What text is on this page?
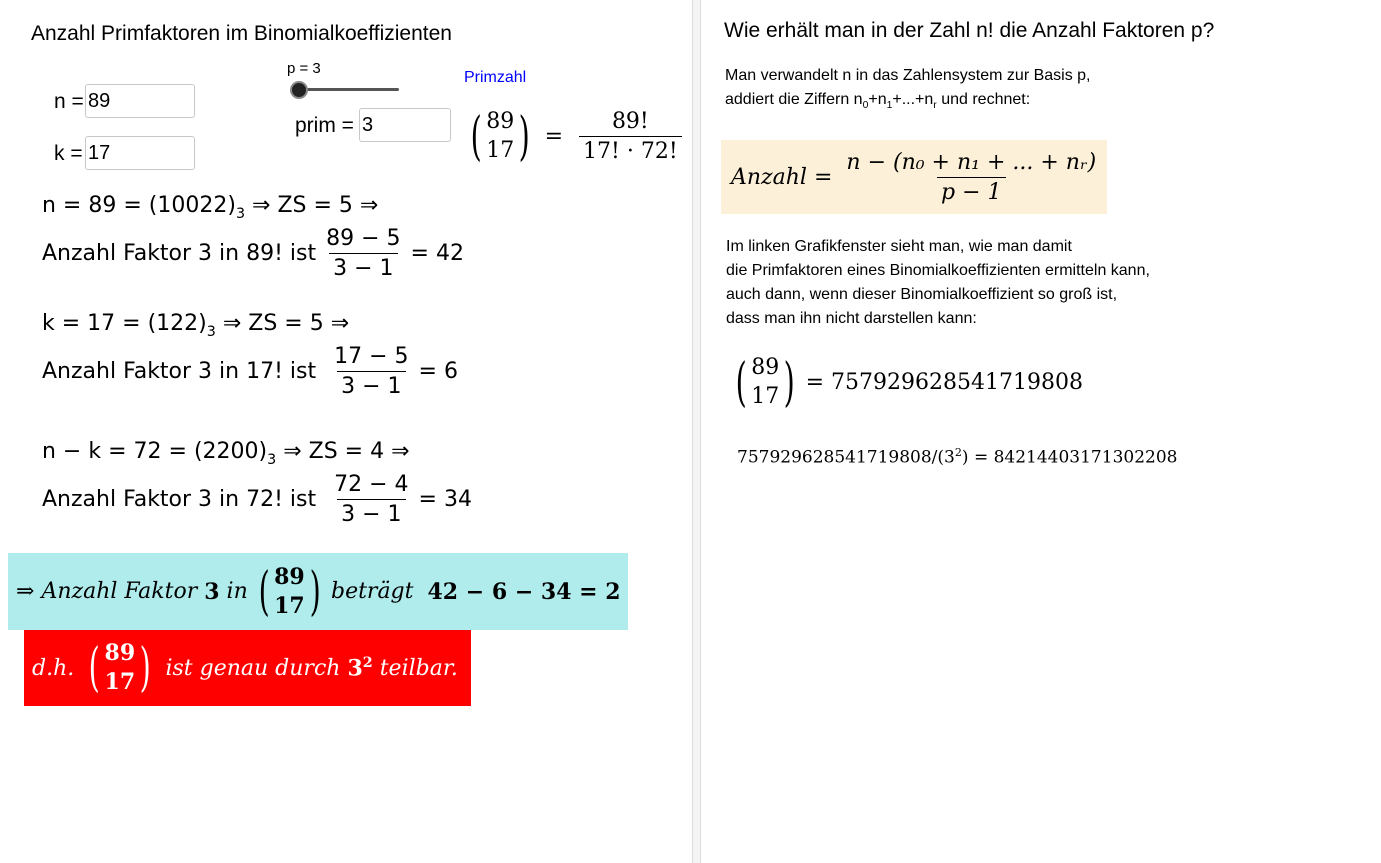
Anzahl Primfaktoren im Binomialkoeffizienten
n = 89
k = 17
p = 3
Primzahl
prim = 3	( 89
17 ) = $\frac{89!}{17! \cdot 72!}$
$n = 89 = (10022)_3$
⇒ ZS = 5 ⇒
Anzahl Faktor 3 in 89! ist $\frac{89 - 5}{3 - 1} = 42$
$k = 17 = (122)_3$
⇒ ZS = 5 ⇒
Anzahl Faktor 3 in 17! ist $\frac{17 - 5}{3 - 1} = 6$
$n - k = 72 = (2200)_3$
⇒ ZS = 4 ⇒
Anzahl Faktor 3 in 72! ist $\frac{72 - 4}{3 - 1} = 34$
⇒
Anzahl Faktor
3
in ( 89
17 ) beträgt
42 − 6 − 34 = 2
d.h. ( 89
17 ) ist genau durch
$3^2$
teilbar.
Wie erhält man in der Zahl n! die Anzahl Faktoren p?
Man verwandelt n in das Zahlensystem zur Basis p,
addiert die Ziffern $n_0+n_1+...+n_r$ und rechnet:
Anzahl = $\frac{\text{n − (n₀ + n₁ + ... + nᵣ)}}{p - 1}$
Im linken Grafikfenster sieht man, wie man damit
die Primfaktoren eines Binomialkoeffizienten ermitteln kann,
auch dann, wenn dieser Binomialkoeffizient so groß ist,
dass man ihn nicht darstellen kann:
( 89
17 ) = 757929628541719808
$757929628541719808/(3^2) = 84214403171302208$
